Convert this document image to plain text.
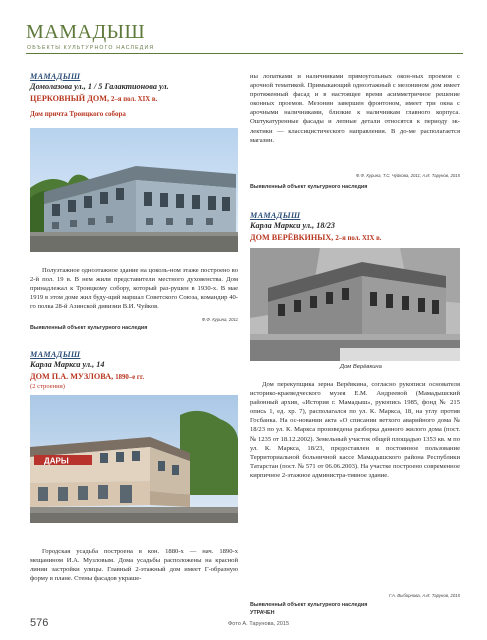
МАМАДЫШ
ОБЪЕКТЫ КУЛЬТУРНОГО НАСЛЕДИЯ
МАМАДЫШ
Домолазова ул., 1 / 5 Галактионова ул.
ЦЕРКОВНЫЙ ДОМ, 2–я пол. XIX в.
Дом причта Троицкого собора

Полуэтажное одноэтажное здание на цоколь-ном этаже построено во 2-й пол. 19 в. В нем жили представители местного духовенства. Дом принадлежал к Троицкому собору, который раз-рушен в 1930-х. В мае 1919 в этом доме жил буду-щий маршал Советского Союза, командир 40-го полка 28-й Азинской дивизии В.И. Чуйков.

Ф.Ф. Курина, 2011
Выявленный объект культурного наследия

ны лопатками и наличниками прямоугольных окон-ных проемов с арочной тематикой. Примыкающий одноэтажный с мезонином дом имеет протяженный фасад и в настоящее время асимметричное решение оконных проемов. Мезонин завершен фронтоном, имеет три окна с арочными наличниками, близкие к наличникам главного корпуса. Оштукатуренные фасады и лепные детали относятся к периоду эк-лектики — классицистического направления. В до-ме располагается магазин.

Ф.Ф. Курина, Т.С. Чуйкова, 2011; А.И. Тарунов, 2015
Выявленный объект культурного наследия
МАМАДЫШ
Карла Маркса ул., 18/23
ДОМ ВЕРЁВКИНЫХ, 2–я пол. XIX в.
Дом Верёвкина

Дом перекупщика зерна Верёвкина, согласно рукописи основателя историко-краеведческого музея Е.М. Андреевой (Мамадышский районный архив, «История г. Мамадыш», рукопись 1985, фонд № 215 опись 1, ед. хр. 7), располагался по ул. К. Маркса, 18, на углу против Госбанка. На ос-новании акта «О списании ветхого аварийного дома № 18/23 по ул. К. Маркса произведена разборка данного жилого дома (пост. № 1235 от 18.12.2002). Земельный участок общей площадью 1353 кв. м по ул. К. Маркса, 18/23, предоставлен в постоянное пользование Территориальной больничной кассе Мамадышского района Республики Татарстан (пост. № 571 от 06.06.2003). На участке построено современное кирпичное 2-этажное администра-тивное здание.

Г.А. Выборнова, А.И. Тарунов, 2015
Выявленный объект культурного наследия
УТРАЧЕН
МАМАДЫШ
Карла Маркса ул., 14
ДОМ П.А. МУЗЛОВА, 1890–е гг.
(2 строения)
ДАРЫ

Городская усадьба построена в кон. 1880-х — нач. 1890-х мещанином И.А. Музловым. Дома усадьбы расположены на красной линии застройки улицы. Главный 2-этажный дом имеет Г-образную форму в плане. Стены фасадов украше-

576	Фото А. Тарунова, 2015
